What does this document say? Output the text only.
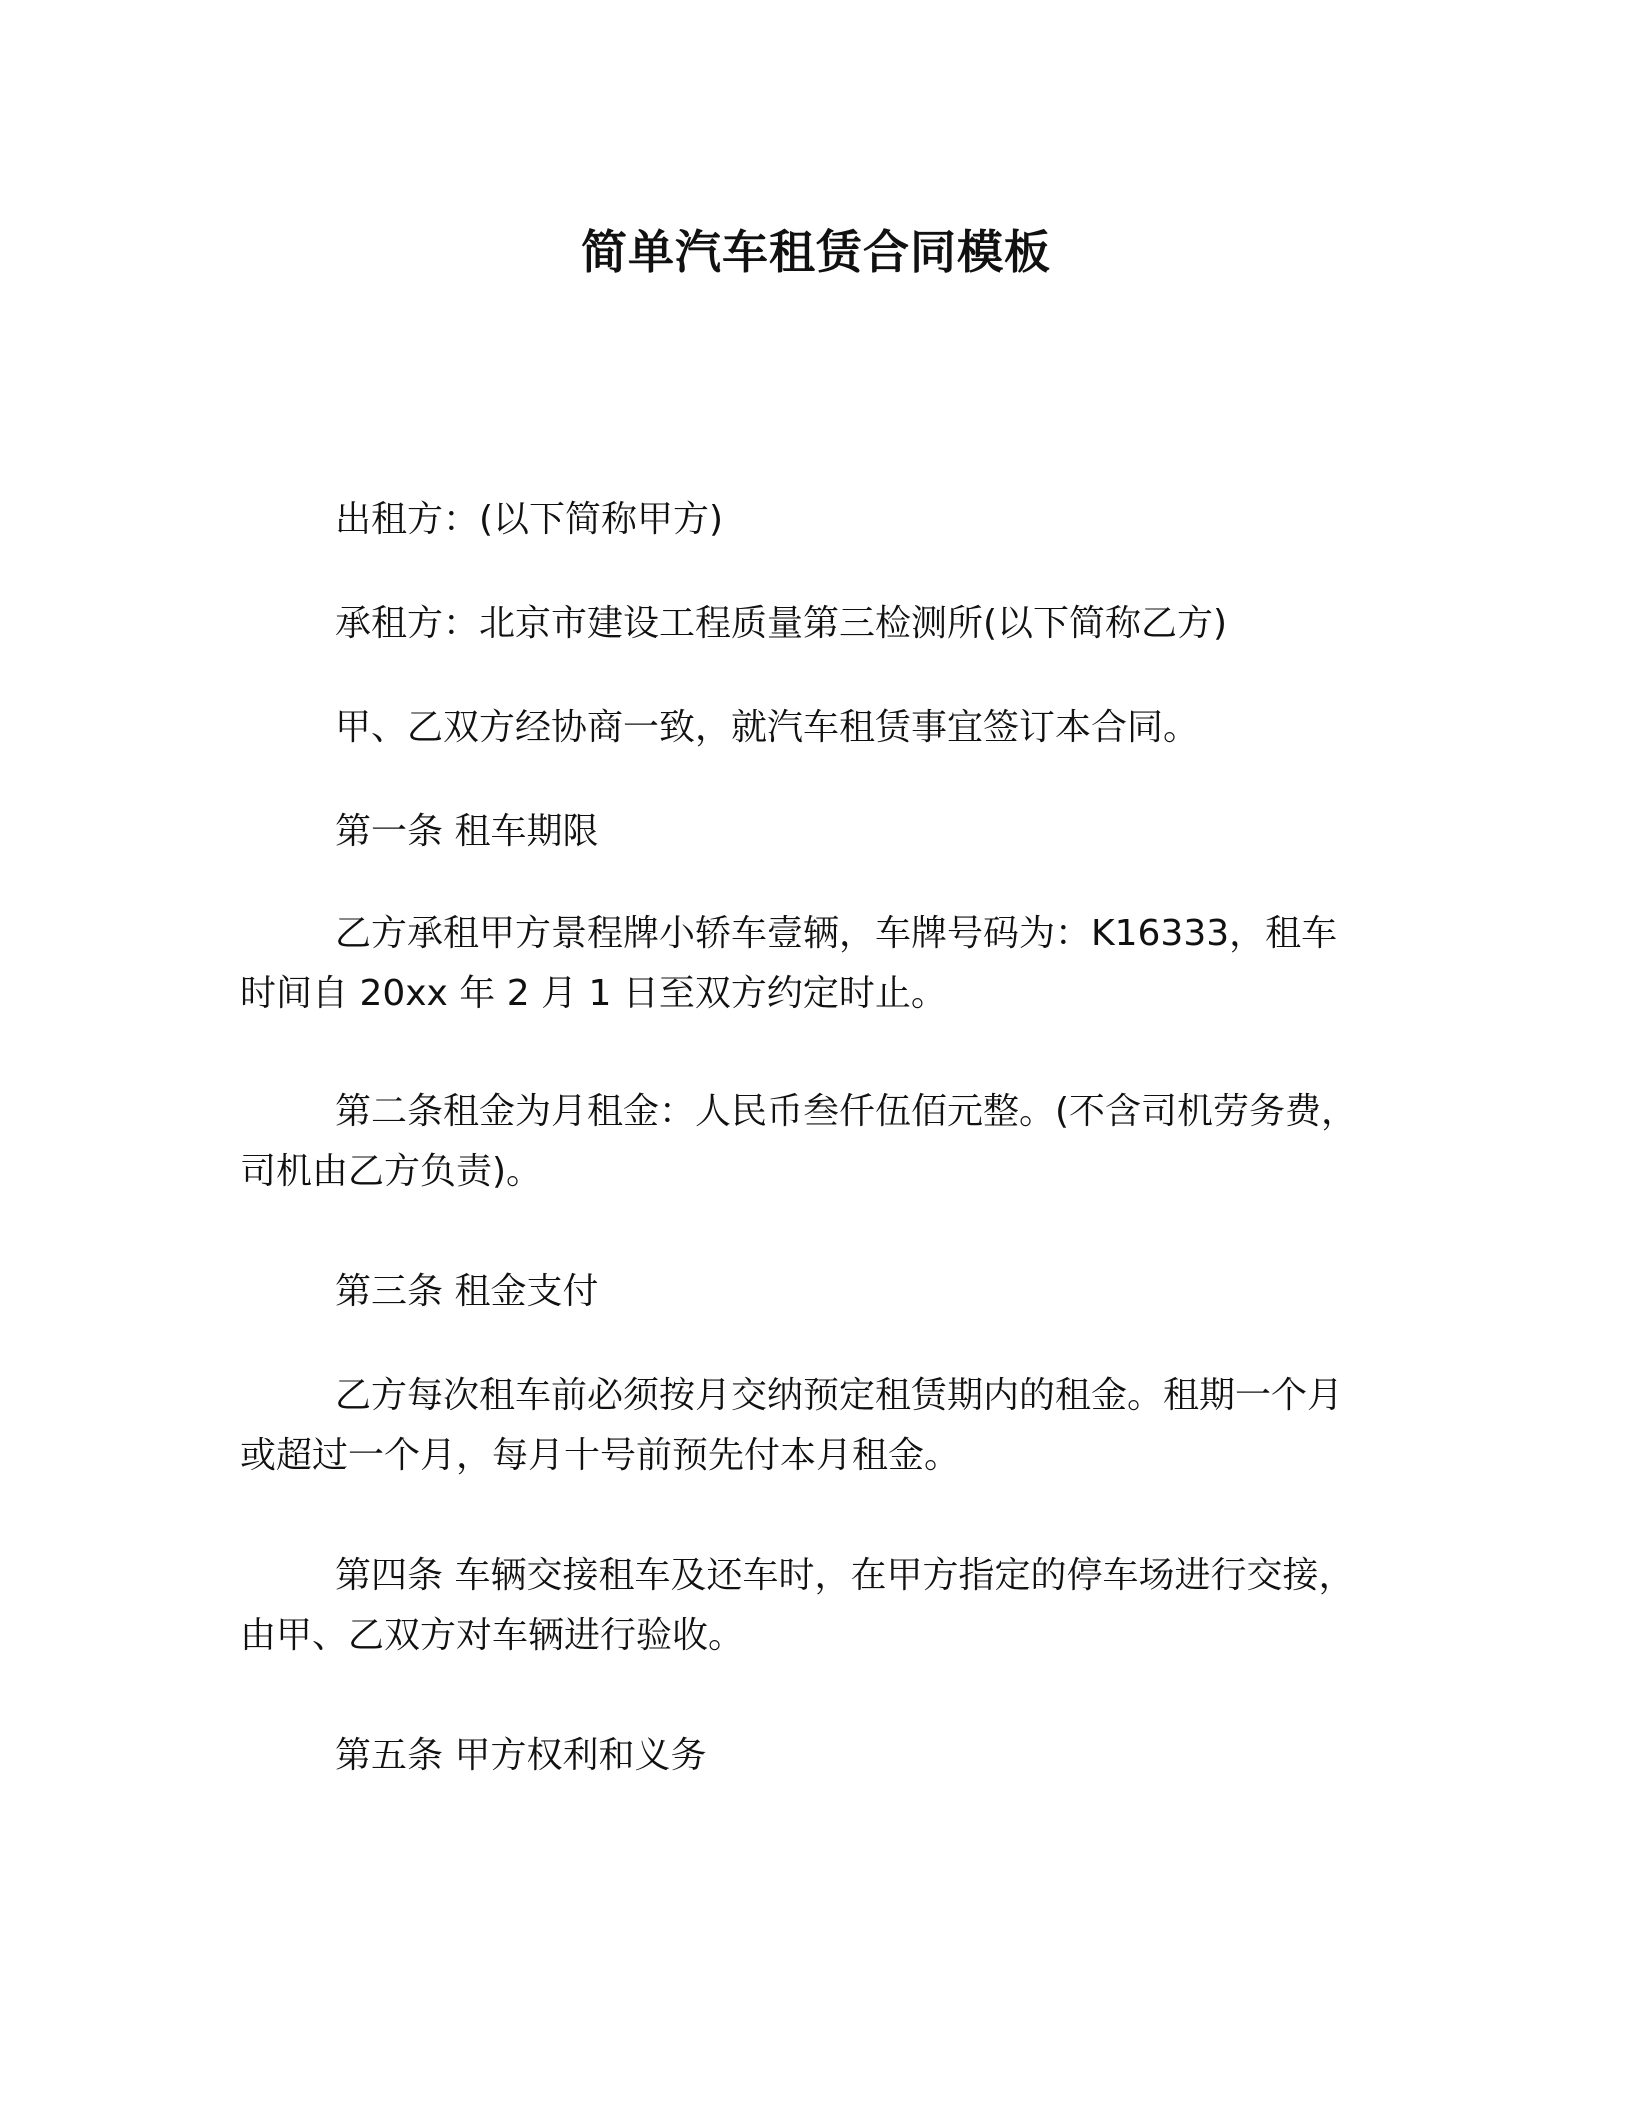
简单汽车租赁合同模板
出租方：(以下简称甲方)
承租方：北京市建设工程质量第三检测所(以下简称乙方)
甲、乙双方经协商一致，就汽车租赁事宜签订本合同。
第一条 租车期限
乙方承租甲方景程牌小轿车壹辆，车牌号码为：K16333，租车
时间自 20xx 年 2 月 1 日至双方约定时止。
第二条租金为月租金：人民币叁仟伍佰元整。(不含司机劳务费，
司机由乙方负责)。
第三条 租金支付
乙方每次租车前必须按月交纳预定租赁期内的租金。租期一个月
或超过一个月，每月十号前预先付本月租金。
第四条 车辆交接租车及还车时，在甲方指定的停车场进行交接，
由甲、乙双方对车辆进行验收。
第五条 甲方权利和义务
